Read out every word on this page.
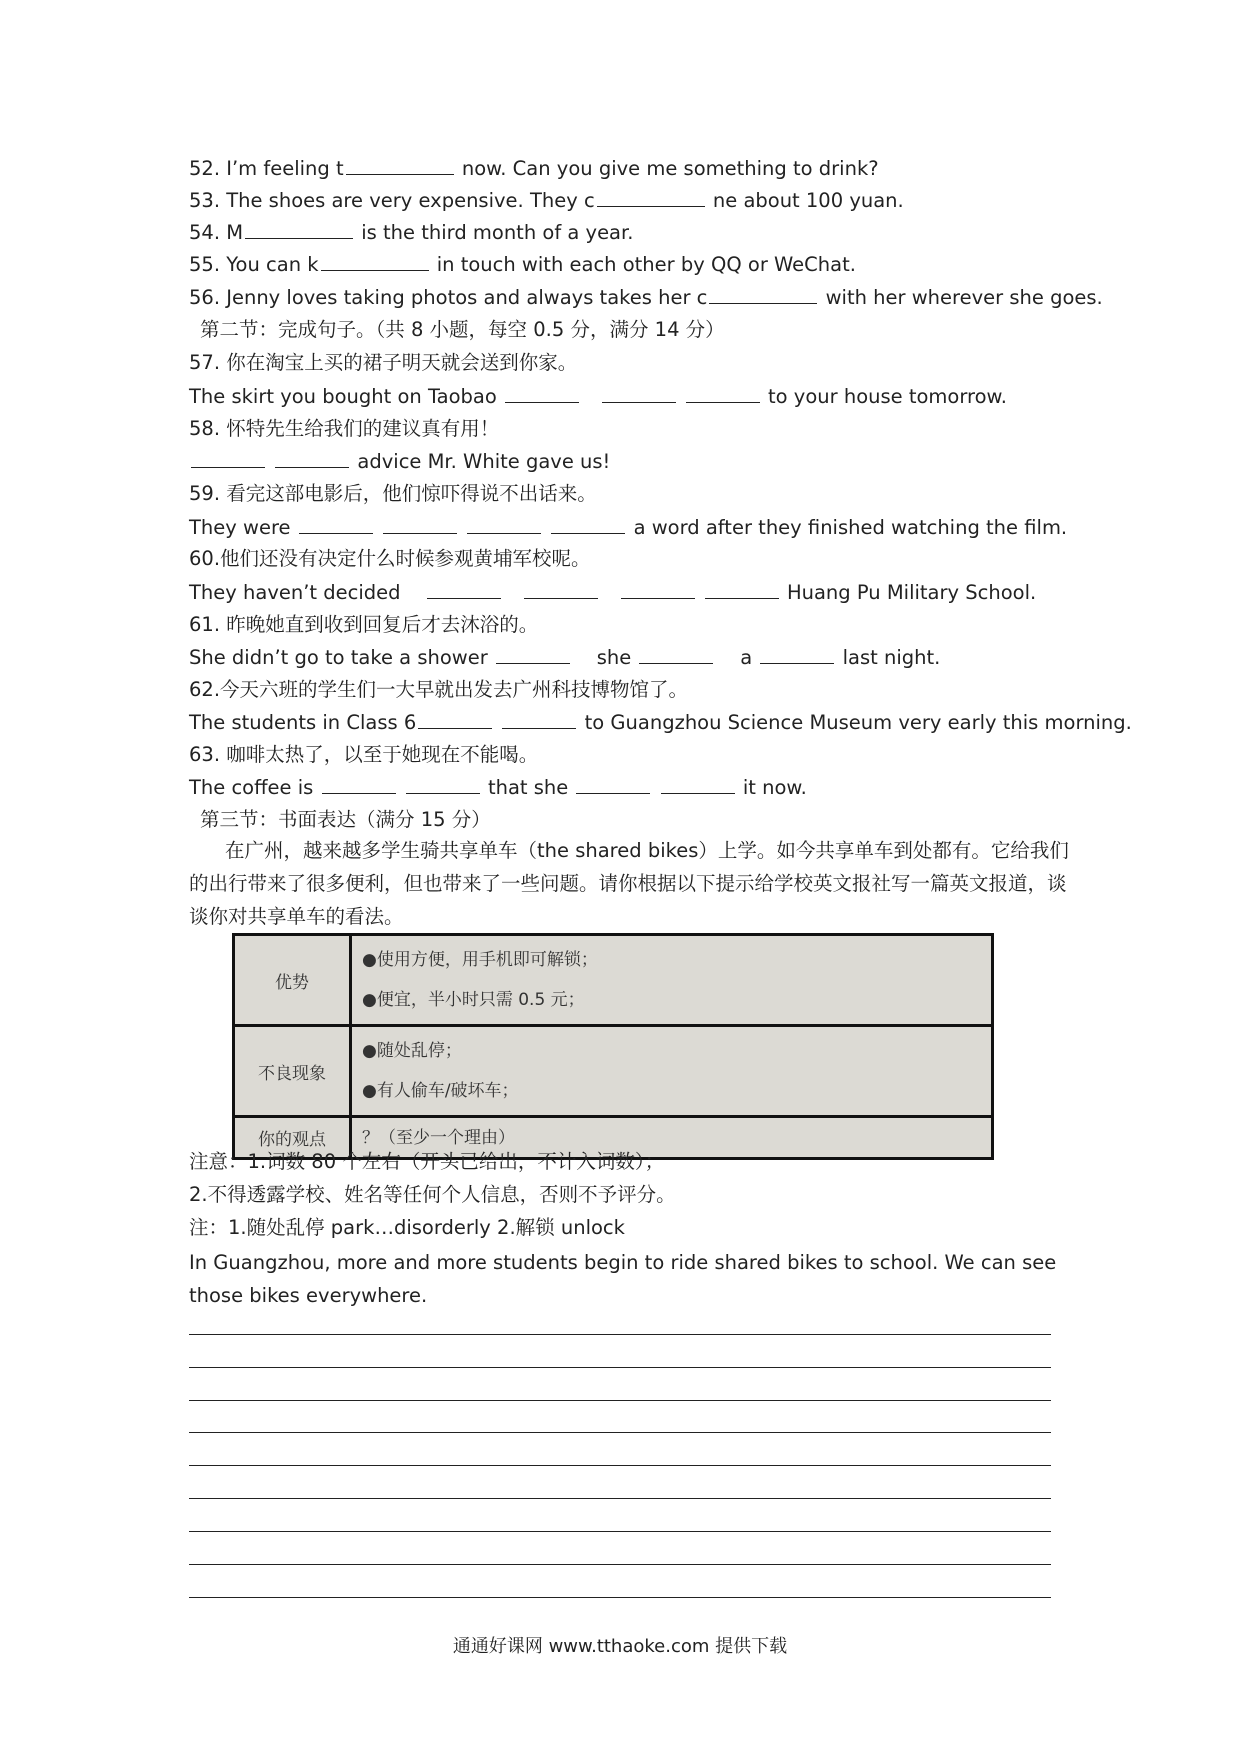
52. I’m feeling t	now. Can you give me something to drink?
53. The shoes are very expensive. They c	ne about 100 yuan.
54. M	is the third month of a year.
55. You can k	in touch with each other by QQ or WeChat.
56. Jenny loves taking photos and always takes her c	with her wherever she goes.
第二节：完成句子。（共 8 小题，每空 0.5 分，满分 14 分）
57. 你在淘宝上买的裙子明天就会送到你家。
The skirt you bought on Taobao	to your house tomorrow.
58. 怀特先生给我们的建议真有用！
advice Mr. White gave us!
59. 看完这部电影后，他们惊吓得说不出话来。
They were	a word after they finished watching the film.
60.他们还没有决定什么时候参观黄埔军校呢。
They haven’t decided	Huang Pu Military School.
61. 昨晚她直到收到回复后才去沐浴的。
She didn’t go to take a shower	she	a	last night.
62.今天六班的学生们一大早就出发去广州科技博物馆了。
The students in Class 6	to Guangzhou Science Museum very early this morning.
63. 咖啡太热了，以至于她现在不能喝。
The coffee is	that she	it now.
第三节：书面表达（满分 15 分）
在广州，越来越多学生骑共享单车（the shared bikes）上学。如今共享单车到处都有。它给我们的出行带来了很多便利，但也带来了一些问题。请你根据以下提示给学校英文报社写一篇英文报道，谈谈你对共享单车的看法。
优势	●使用方便，用手机即可解锁；
●便宜，半小时只需 0.5 元；

不良现象	●随处乱停；
●有人偷车/破坏车；

你的观点	？（至少一个理由）
注意：1.词数 80 个左右（开头已给出，不计入词数）；
2.不得透露学校、姓名等任何个人信息，否则不予评分。
注：1.随处乱停 park…disorderly 2.解锁 unlock
In Guangzhou, more and more students begin to ride shared bikes to school. We can see those bikes everywhere.
通通好课网 www.tthaoke.com 提供下载
